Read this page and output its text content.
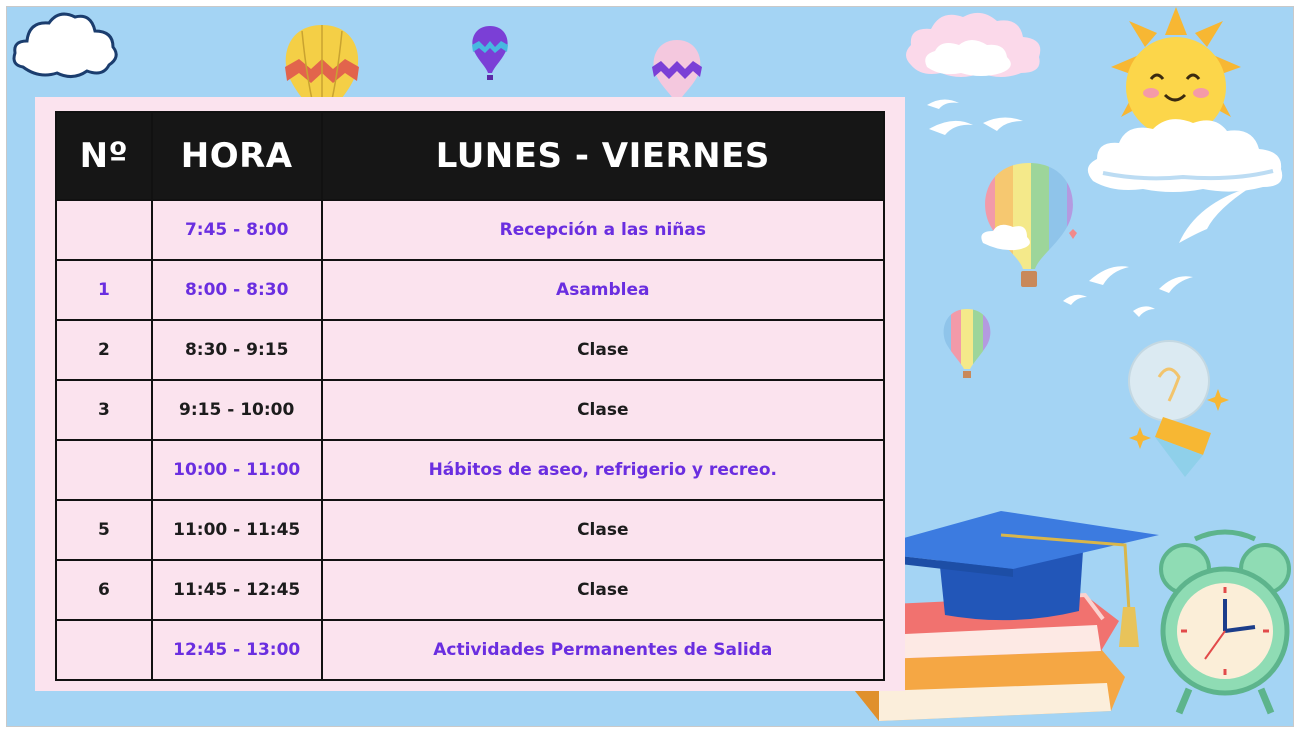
Nº	HORA	LUNES - VIERNES
	7:45 - 8:00	Recepción a las niñas
1	8:00 - 8:30	Asamblea
2	8:30 - 9:15	Clase
3	9:15 - 10:00	Clase
	10:00 - 11:00	Hábitos de aseo, refrigerio y recreo.
5	11:00 - 11:45	Clase
6	11:45 - 12:45	Clase
	12:45 - 13:00	Actividades Permanentes de Salida
